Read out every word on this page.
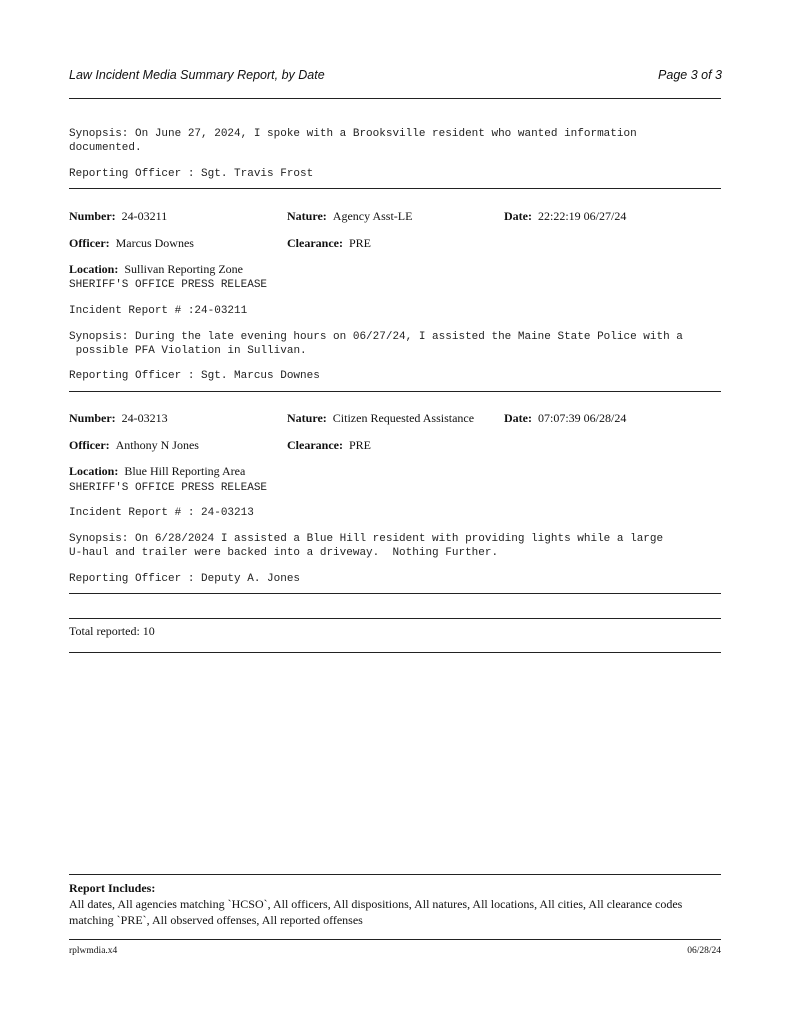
Law Incident Media Summary Report, by Date	Page 3 of 3
Synopsis: On June 27, 2024, I spoke with a Brooksville resident who wanted information
documented.
Reporting Officer : Sgt. Travis Frost
Number: 24-03211	Nature: Agency Asst-LE	Date: 22:22:19 06/27/24
Officer: Marcus Downes	Clearance: PRE
Location: Sullivan Reporting Zone
SHERIFF'S OFFICE PRESS RELEASE
Incident Report # :24-03211
Synopsis: During the late evening hours on 06/27/24, I assisted the Maine State Police with a
possible PFA Violation in Sullivan.
Reporting Officer : Sgt. Marcus Downes
Number: 24-03213	Nature: Citizen Requested Assistance Date: 07:07:39 06/28/24
Officer: Anthony N Jones	Clearance: PRE
Location: Blue Hill Reporting Area
SHERIFF'S OFFICE PRESS RELEASE
Incident Report # : 24-03213
Synopsis: On 6/28/2024 I assisted a Blue Hill resident with providing lights while a large
U-haul and trailer were backed into a driveway.  Nothing Further.
Reporting Officer : Deputy A. Jones
Total reported: 10
Report Includes:
All dates, All agencies matching `HCSO`, All officers, All dispositions, All natures, All locations, All cities, All clearance codes matching `PRE`, All observed offenses, All reported offenses
rplwmdia.x4	06/28/24
